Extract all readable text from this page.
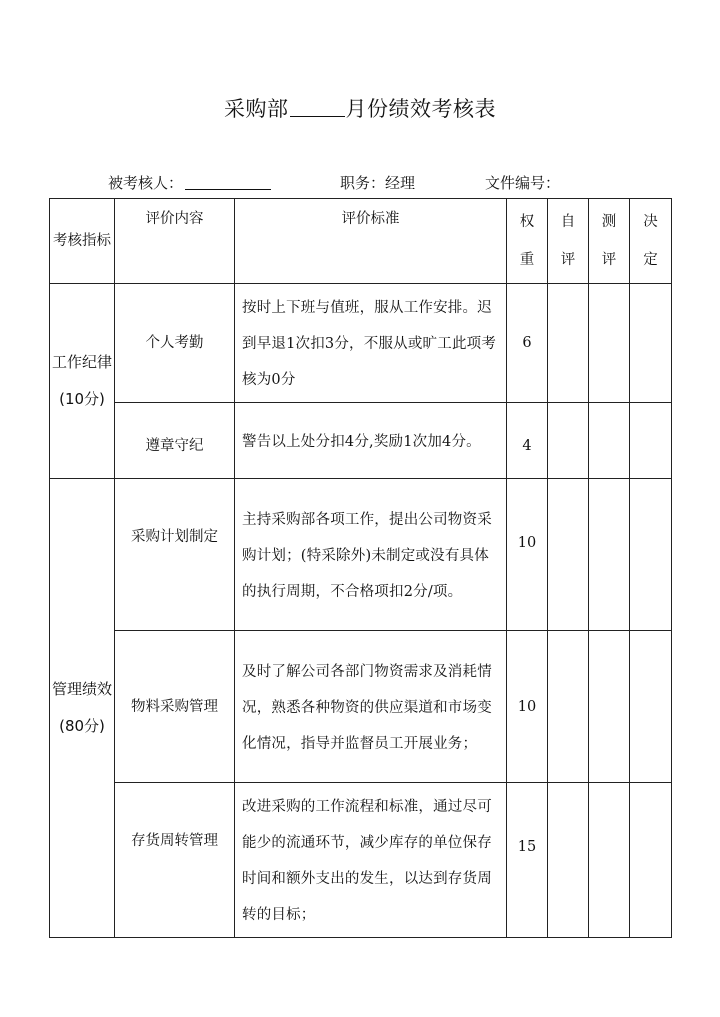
采购部	月份绩效考核表
被考核人：	职务：经理	文件编号：
考核指标	评价内容	评价标准	权重	自评	测评	决定

工作纪律(10分)	个人考勤	按时上下班与值班，服从工作安排。迟到早退1次扣3分，不服从或旷工此项考核为0分	6			
	遵章守纪	警告以上处分扣4分,奖励1次加4分。	4			
管理绩效(80分)	采购计划制定	主持采购部各项工作，提出公司物资采购计划；(特采除外)未制定或没有具体的执行周期，不合格项扣2分/项。	10			
	物料采购管理	及时了解公司各部门物资需求及消耗情况，熟悉各种物资的供应渠道和市场变化情况，指导并监督员工开展业务；	10			
	存货周转管理	改进采购的工作流程和标准，通过尽可能少的流通环节，减少库存的单位保存时间和额外支出的发生，以达到存货周转的目标；	15			
